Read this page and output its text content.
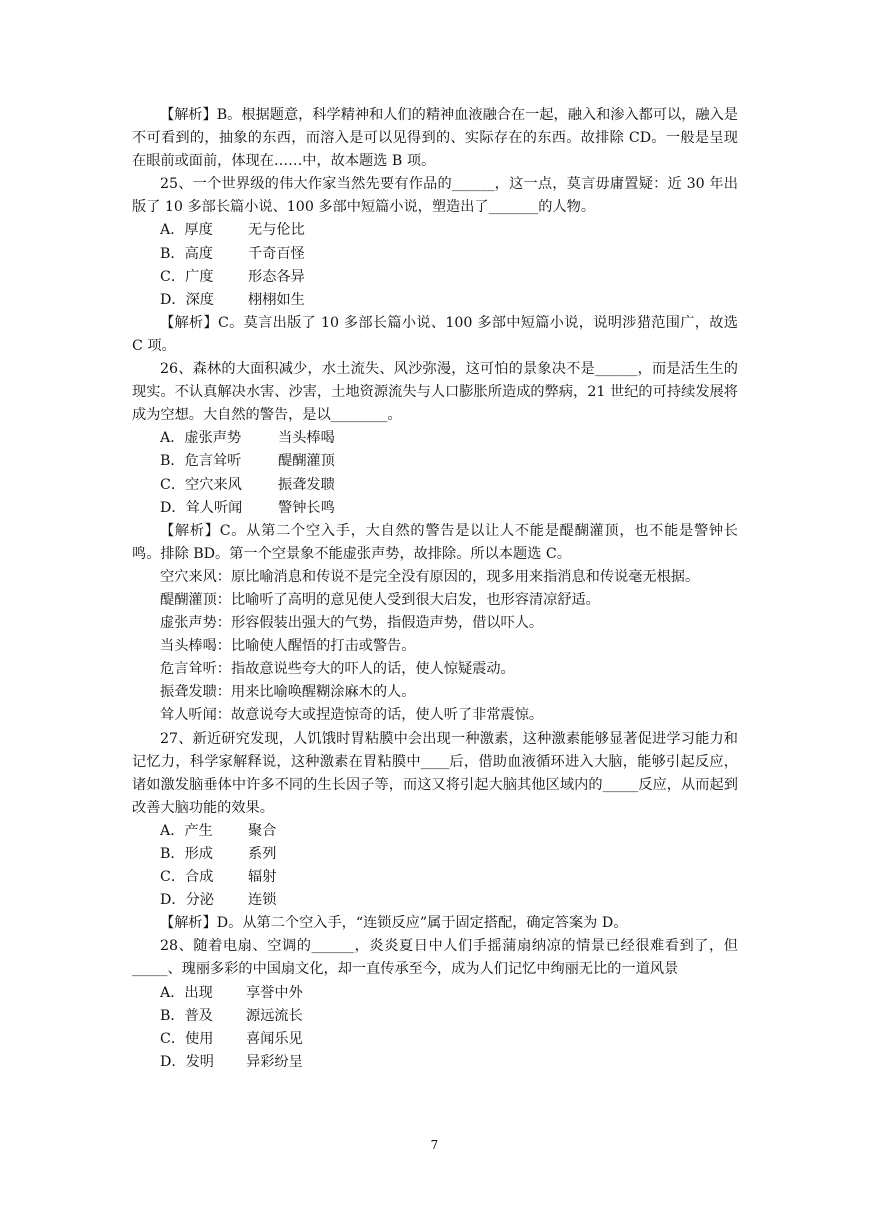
【解析】B。根据题意，科学精神和人们的精神血液融合在一起，融入和渗入都可以，融入是不可看到的，抽象的东西，而溶入是可以见得到的、实际存在的东西。故排除 CD。一般是呈现在眼前或面前，体现在……中，故本题选 B 项。

25、一个世界级的伟大作家当然先要有作品的______，这一点，莫言毋庸置疑：近 30 年出版了 10 多部长篇小说、100 多部中短篇小说，塑造出了_______的人物。

A．厚度 无与伦比
B．高度 千奇百怪
C．广度 形态各异
D．深度 栩栩如生

【解析】C。莫言出版了 10 多部长篇小说、100 多部中短篇小说，说明涉猎范围广，故选 C 项。

26、森林的大面积减少，水土流失、风沙弥漫，这可怕的景象决不是______，而是活生生的现实。不认真解决水害、沙害，土地资源流失与人口膨胀所造成的弊病，21 世纪的可持续发展将成为空想。大自然的警告，是以________。

A．虚张声势	当头棒喝
B．危言耸听	醍醐灌顶
C．空穴来风	振聋发聩
D．耸人听闻	警钟长鸣

【解析】C。从第二个空入手，大自然的警告是以让人不能是醍醐灌顶，也不能是警钟长鸣。排除 BD。第一个空景象不能虚张声势，故排除。所以本题选 C。

空穴来风：原比喻消息和传说不是完全没有原因的，现多用来指消息和传说毫无根据。

醍醐灌顶：比喻听了高明的意见使人受到很大启发，也形容清凉舒适。

虚张声势：形容假装出强大的气势，指假造声势，借以吓人。

当头棒喝：比喻使人醒悟的打击或警告。

危言耸听：指故意说些夸大的吓人的话，使人惊疑震动。

振聋发聩：用来比喻唤醒糊涂麻木的人。

耸人听闻：故意说夸大或捏造惊奇的话，使人听了非常震惊。

27、新近研究发现，人饥饿时胃粘膜中会出现一种激素，这种激素能够显著促进学习能力和记忆力，科学家解释说，这种激素在胃粘膜中____后，借助血液循环进入大脑，能够引起反应，诸如激发脑垂体中许多不同的生长因子等，而这又将引起大脑其他区域内的_____反应，从而起到改善大脑功能的效果。

A．产生 聚合
B．形成 系列
C．合成 辐射
D．分泌 连锁

【解析】D。从第二个空入手，“连锁反应”属于固定搭配，确定答案为 D。

28、随着电扇、空调的______，炎炎夏日中人们手摇蒲扇纳凉的情景已经很难看到了，但_____、瑰丽多彩的中国扇文化，却一直传承至今，成为人们记忆中绚丽无比的一道风景

A．出现 享誉中外
B．普及 源远流长
C．使用 喜闻乐见
D．发明 异彩纷呈
7
